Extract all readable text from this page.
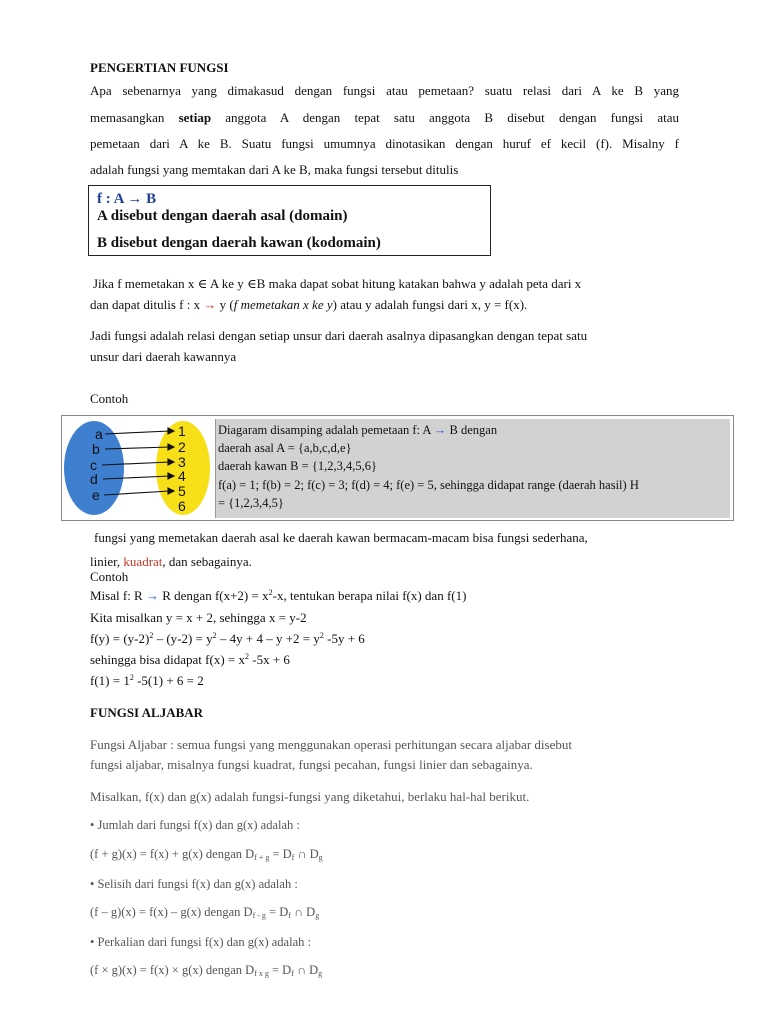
PENGERTIAN FUNGSI
Apa sebenarnya yang dimakasud dengan fungsi atau pemetaan? suatu relasi dari A ke B yang
memasangkan setiap anggota A dengan tepat satu anggota B disebut dengan fungsi atau
pemetaan dari A ke B. Suatu fungsi umumnya dinotasikan dengan huruf ef kecil (f). Misalny f
adalah fungsi yang memtakan dari A ke B, maka fungsi tersebut ditulis
f : A → B
A disebut dengan daerah asal (domain)
B disebut dengan daerah kawan (kodomain)
Jika f memetakan x ∈ A ke y ∈B maka dapat sobat hitung katakan bahwa y adalah peta dari x
dan dapat ditulis f : x → y (f memetakan x ke y) atau y adalah fungsi dari x, y = f(x).
Jadi fungsi adalah relasi dengan setiap unsur dari daerah asalnya dipasangkan dengan tepat satu
unsur dari daerah kawannya
Contoh
a
b
c
d
e
1
2
3
4
5
6
Diagaram disamping adalah pemetaan f: A → B dengan
daerah asal A = {a,b,c,d,e}
daerah kawan B = {1,2,3,4,5,6}
f(a) = 1; f(b) = 2; f(c) = 3; f(d) = 4; f(e) = 5, sehingga didapat range (daerah hasil) H
= {1,2,3,4,5}
fungsi yang memetakan daerah asal ke daerah kawan bermacam-macam bisa fungsi sederhana,
linier, kuadrat, dan sebagainya.
Contoh
Misal f: R → R dengan $f(x+2) = x^2-x$, tentukan berapa nilai f(x) dan f(1)
Kita misalkan y = x + 2, sehingga x = y-2
$f(y) = (y-2)^2 - (y-2) = y^2 - 4y + 4 - y +2 = y^2$ -5y + 6
sehingga bisa didapat $f(x) = x^2$ -5x + 6
$f(1) = 1^2$ -5(1) + 6 = 2
FUNGSI ALJABAR
Fungsi Aljabar : semua fungsi yang menggunakan operasi perhitungan secara aljabar disebut
fungsi aljabar, misalnya fungsi kuadrat, fungsi pecahan, fungsi linier dan sebagainya.
Misalkan, f(x) dan g(x) adalah fungsi-fungsi yang diketahui, berlaku hal-hal berikut.
• Jumlah dari fungsi f(x) dan g(x) adalah :
(f + g)(x) = f(x) + g(x) dengan $D_{f + g} = D_f$ ∩ $D_g$
• Selisih dari fungsi f(x) dan g(x) adalah :
(f – g)(x) = f(x) – g(x) dengan $D_{f - g} = D_f$ ∩ $D_g$
• Perkalian dari fungsi f(x) dan g(x) adalah :
(f × g)(x) = f(x) × g(x) dengan $D_{f x g} = D_f$ ∩ $D_g$
